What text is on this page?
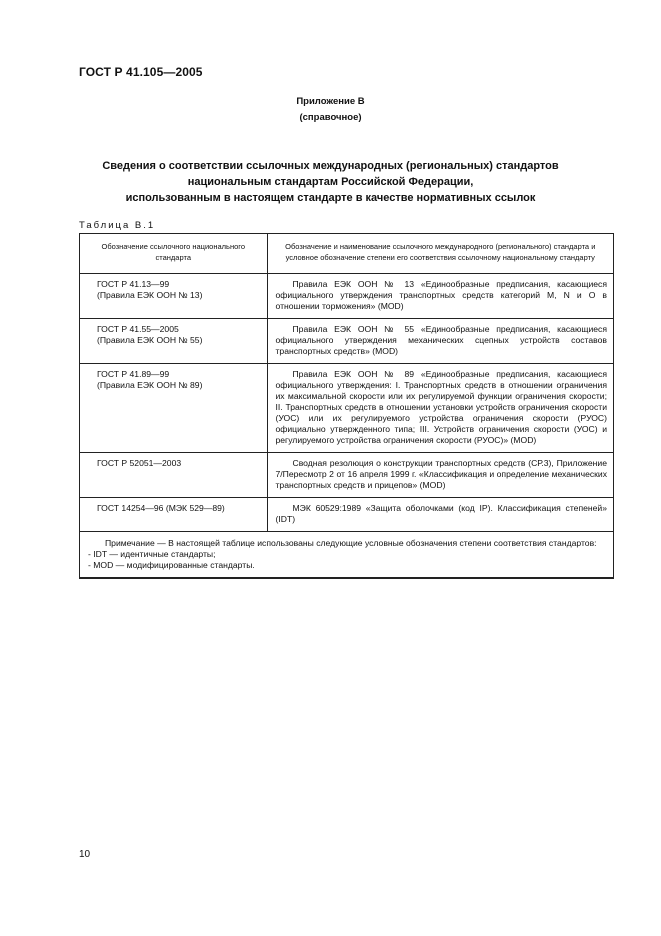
ГОСТ Р 41.105—2005
Приложение В
(справочное)
Сведения о соответствии ссылочных международных (региональных) стандартов
национальным стандартам Российской Федерации,
использованным в настоящем стандарте в качестве нормативных ссылок
Таблица В.1
Обозначение ссылочного национального стандарта	Обозначение и наименование ссылочного международного (регионального) стандарта и условное обозначение степени его соответствия ссылочному национальному стандарту

ГОСТ Р 41.13—99
(Правила ЕЭК ООН № 13)	Правила ЕЭК ООН № 13 «Единообразные предписания, касающиеся официального утверждения транспортных средств категорий М, N и О в отношении торможения» (MOD)

ГОСТ Р 41.55—2005
(Правила ЕЭК ООН № 55)	Правила ЕЭК ООН № 55 «Единообразные предписания, касающиеся официального утверждения механических сцепных устройств составов транспортных средств» (MOD)

ГОСТ Р 41.89—99
(Правила ЕЭК ООН № 89)	Правила ЕЭК ООН № 89 «Единообразные предписания, касающиеся официального утверждения: I. Транспортных средств в отношении ограничения их максимальной скорости или их регулируемой функции ограничения скорости; II. Транспортных средств в отношении установки устройств ограничения скорости (УОС) или их регулируемого устройства ограничения скорости (РУОС) официально утвержденного типа; III. Устройств ограничения скорости (УОС) и регулируемого устройства ограничения скорости (РУОС)» (MOD)

ГОСТ Р 52051—2003	Сводная резолюция о конструкции транспортных средств (СР.3), Приложение 7/Пересмотр 2 от 16 апреля 1999 г. «Классификация и определение механических транспортных средств и прицепов» (MOD)

ГОСТ 14254—96 (МЭК 529—89)	МЭК 60529:1989 «Защита оболочками (код IP). Классификация степеней» (IDT)

Примечание — В настоящей таблице использованы следующие условные обозначения степени соответствия стандартов:
- IDT — идентичные стандарты;
- MOD — модифицированные стандарты.	
10
